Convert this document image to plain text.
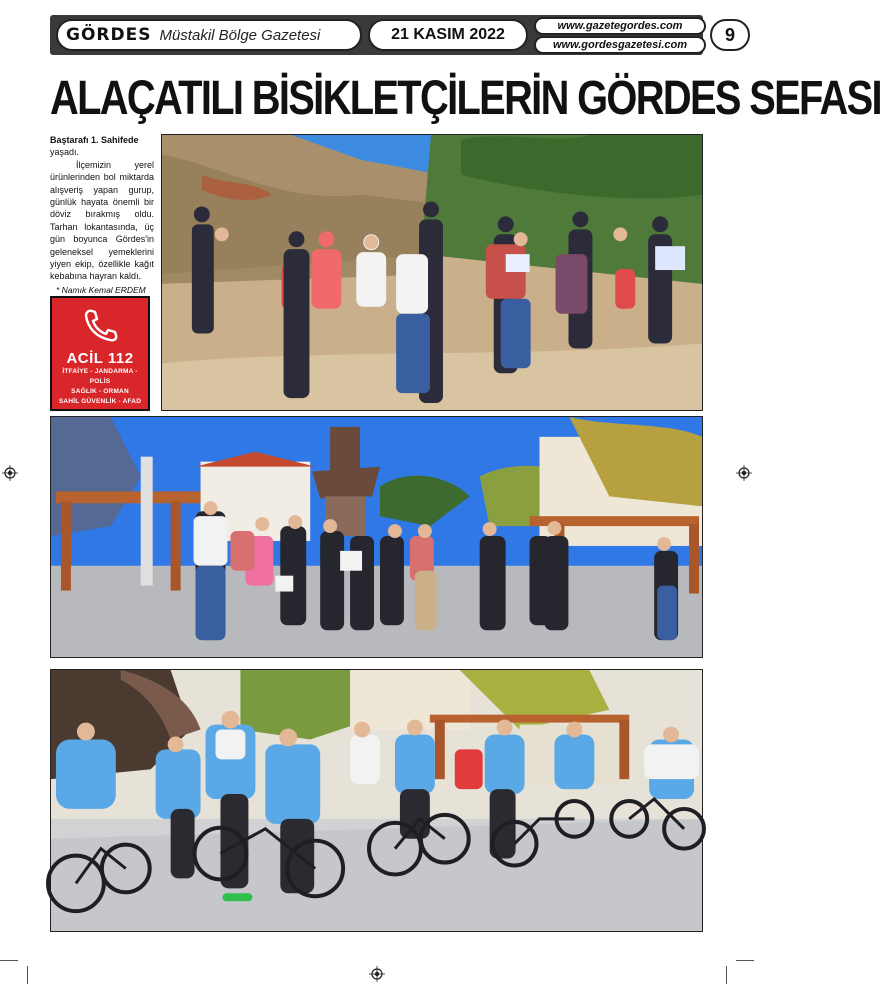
GÖRDES Müstakil Bölge Gazetesi	21 KASIM 2022	www.gazetegordes.com
www.gordesgazetesi.com
9
ALAÇATILI BİSİKLETÇİLERİN GÖRDES SEFASI
Baştarafı 1. Sahifede
yaşadı.
İlçemizin yerel ürünlerinden bol miktarda alışveriş yapan gurup, günlük hayata önemli bir döviz bırakmış oldu. Tarhan lokantasında, üç gün boyunca Gördes'in geleneksel yemeklerini yiyen ekip, özellikle kağıt kebabına hayran kaldı.
* Namık Kemal ERDEM
ACİL 112
İTFAİYE - JANDARMA - POLİS
SAĞLIK - ORMAN
SAHİL GÜVENLİK - AFAD
